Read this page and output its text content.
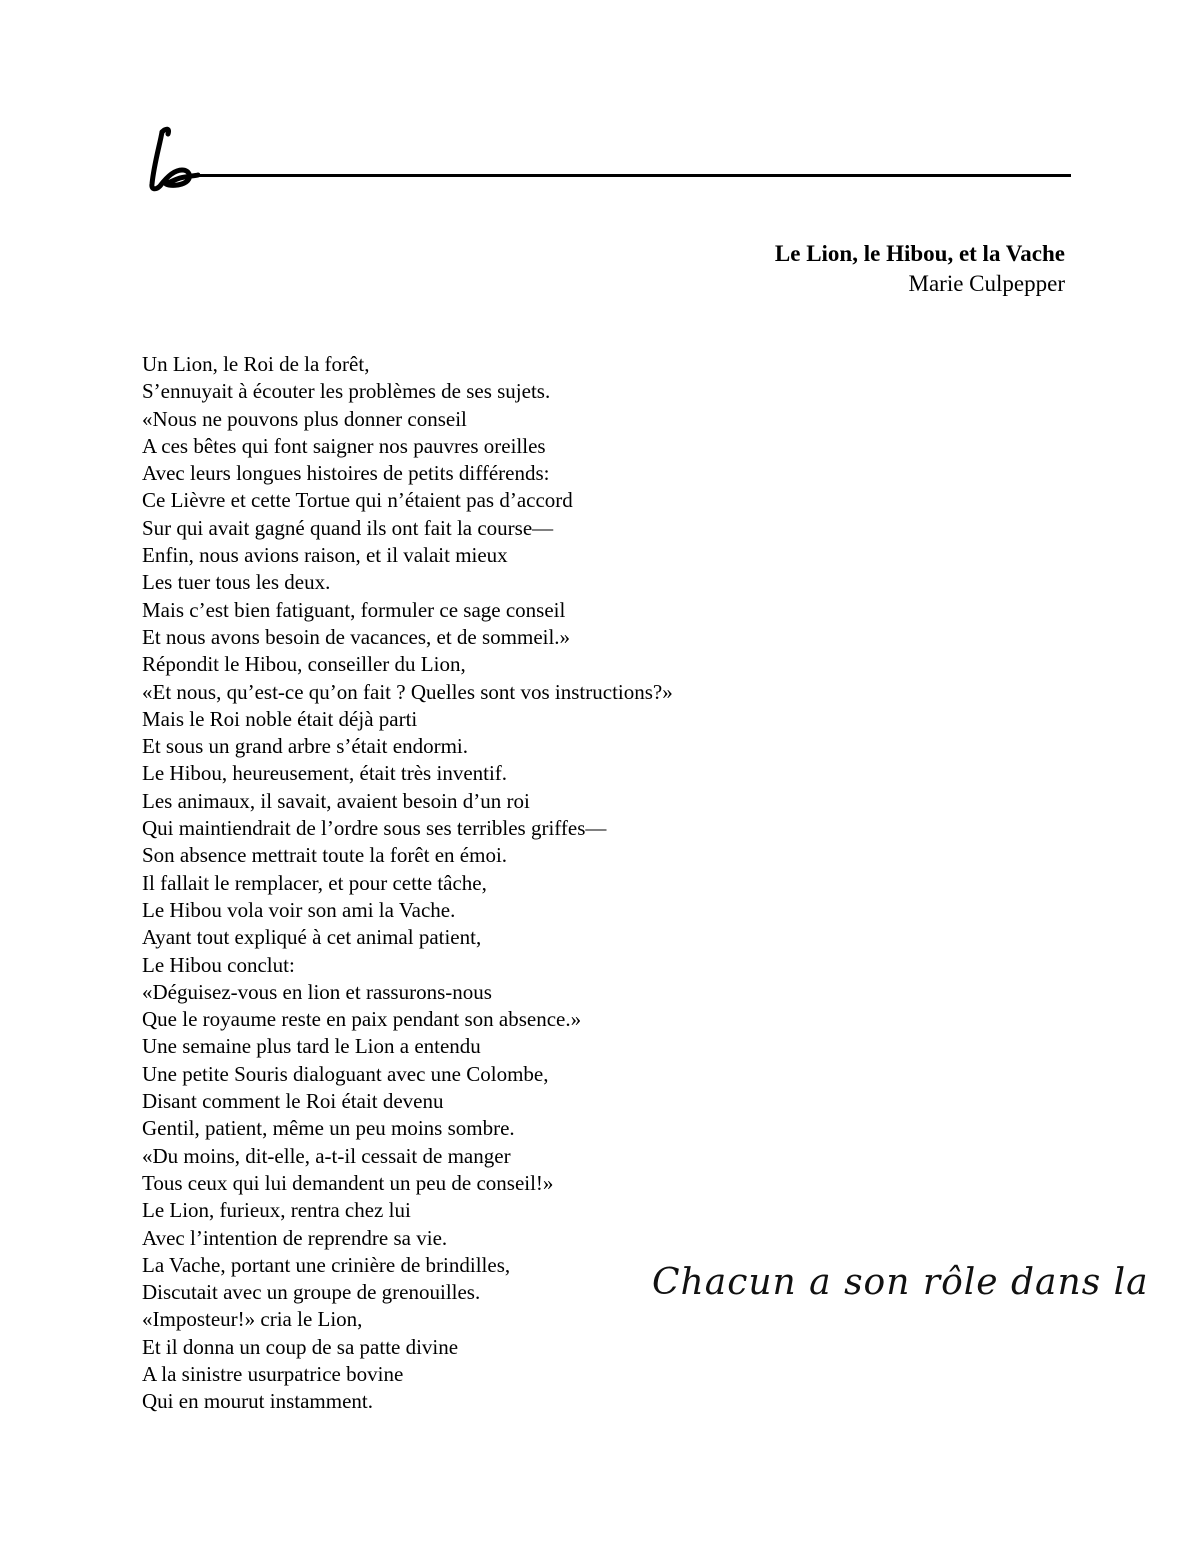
Le Lion, le Hibou, et la Vache
Marie Culpepper
Un Lion, le Roi de la forêt,
S’ennuyait à écouter les problèmes de ses sujets.
«Nous ne pouvons plus donner conseil
A ces bêtes qui font saigner nos pauvres oreilles
Avec leurs longues histoires de petits différends:
Ce Lièvre et cette Tortue qui n’étaient pas d’accord
Sur qui avait gagné quand ils ont fait la course—
Enfin, nous avions raison, et il valait mieux
Les tuer tous les deux.
Mais c’est bien fatiguant, formuler ce sage conseil
Et nous avons besoin de vacances, et de sommeil.»
Répondit le Hibou, conseiller du Lion,
«Et nous, qu’est-ce qu’on fait ? Quelles sont vos instructions?»
Mais le Roi noble était déjà parti
Et sous un grand arbre s’était endormi.
Le Hibou, heureusement, était très inventif.
Les animaux, il savait, avaient besoin d’un roi
Qui maintiendrait de l’ordre sous ses terribles griffes—
Son absence mettrait toute la forêt en émoi.
Il fallait le remplacer, et pour cette tâche,
Le Hibou vola voir son ami la Vache.
Ayant tout expliqué à cet animal patient,
Le Hibou conclut:
«Déguisez-vous en lion et rassurons-nous
Que le royaume reste en paix pendant son absence.»
Une semaine plus tard le Lion a entendu
Une petite Souris dialoguant avec une Colombe,
Disant comment le Roi était devenu
Gentil, patient, même un peu moins sombre.
«Du moins, dit-elle, a-t-il cessait de manger
Tous ceux qui lui demandent un peu de conseil!»
Le Lion, furieux, rentra chez lui
Avec l’intention de reprendre sa vie.
La Vache, portant une crinière de brindilles,
Discutait avec un groupe de grenouilles.
«Imposteur!» cria le Lion,
Et il donna un coup de sa patte divine
A la sinistre usurpatrice bovine
Qui en mourut instamment.
Chacun a son rôle dans la
